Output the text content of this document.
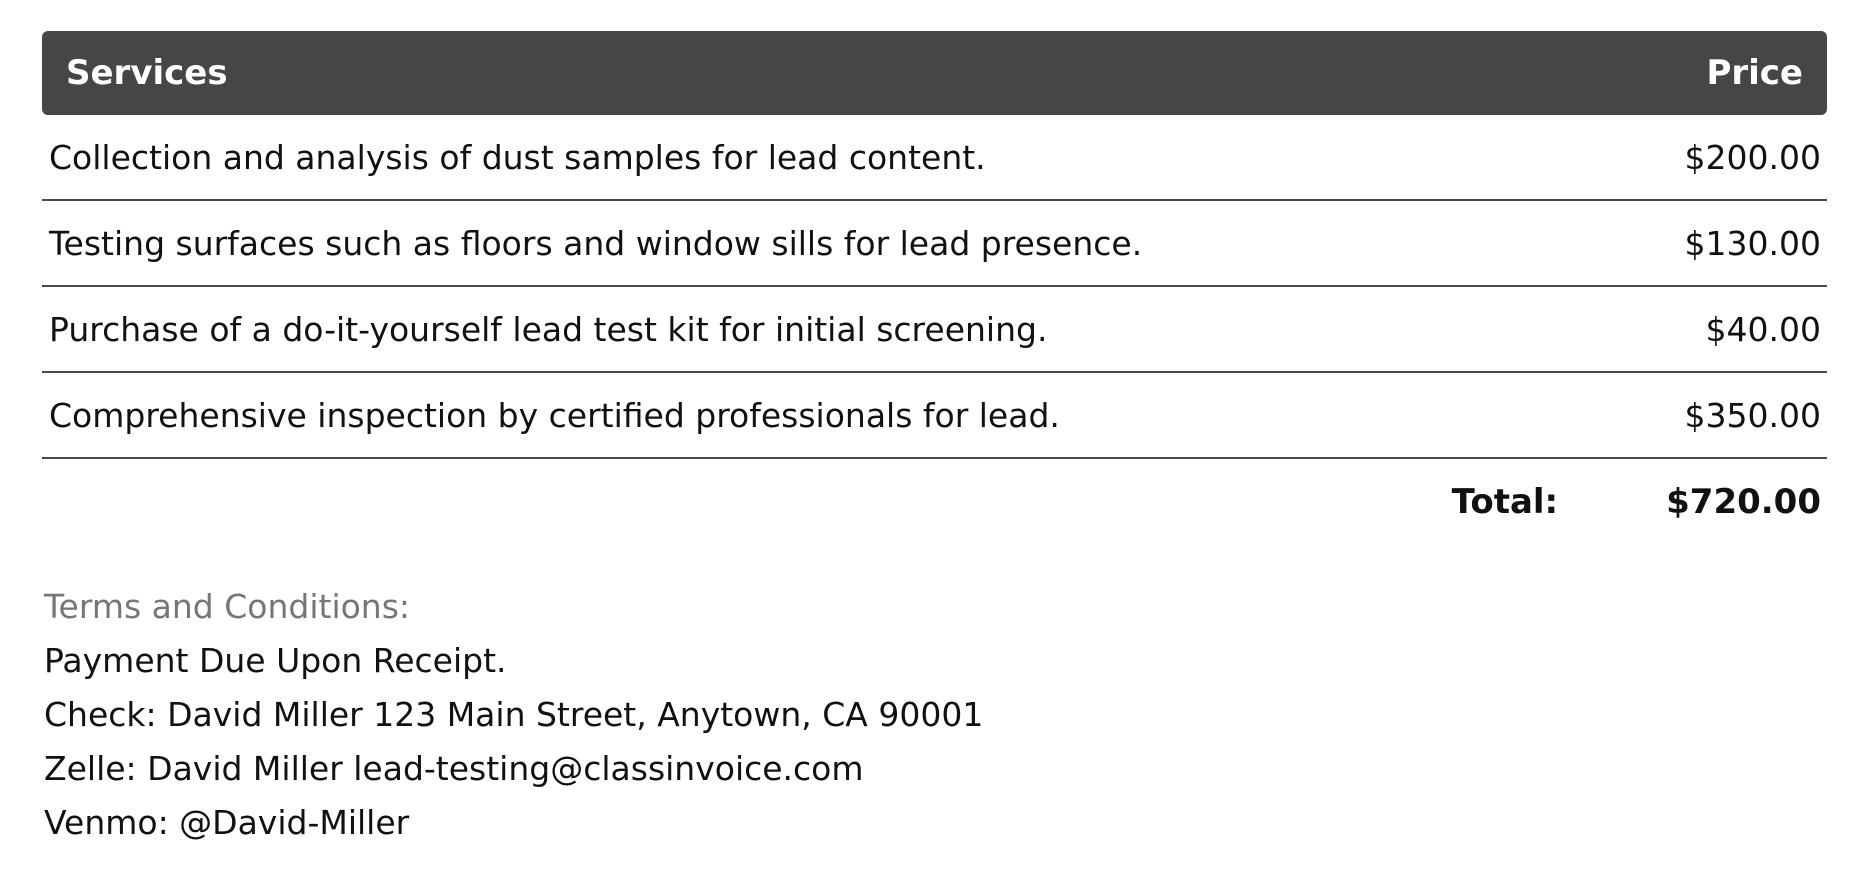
Services	Price
Collection and analysis of dust samples for lead content.	$200.00
Testing surfaces such as floors and window sills for lead presence.	$130.00
Purchase of a do-it-yourself lead test kit for initial screening.	$40.00
Comprehensive inspection by certified professionals for lead.	$350.00
Total:	$720.00
Terms and Conditions:
Payment Due Upon Receipt.
Check: David Miller 123 Main Street, Anytown, CA 90001
Zelle: David Miller lead-testing@classinvoice.com
Venmo: @David-Miller
